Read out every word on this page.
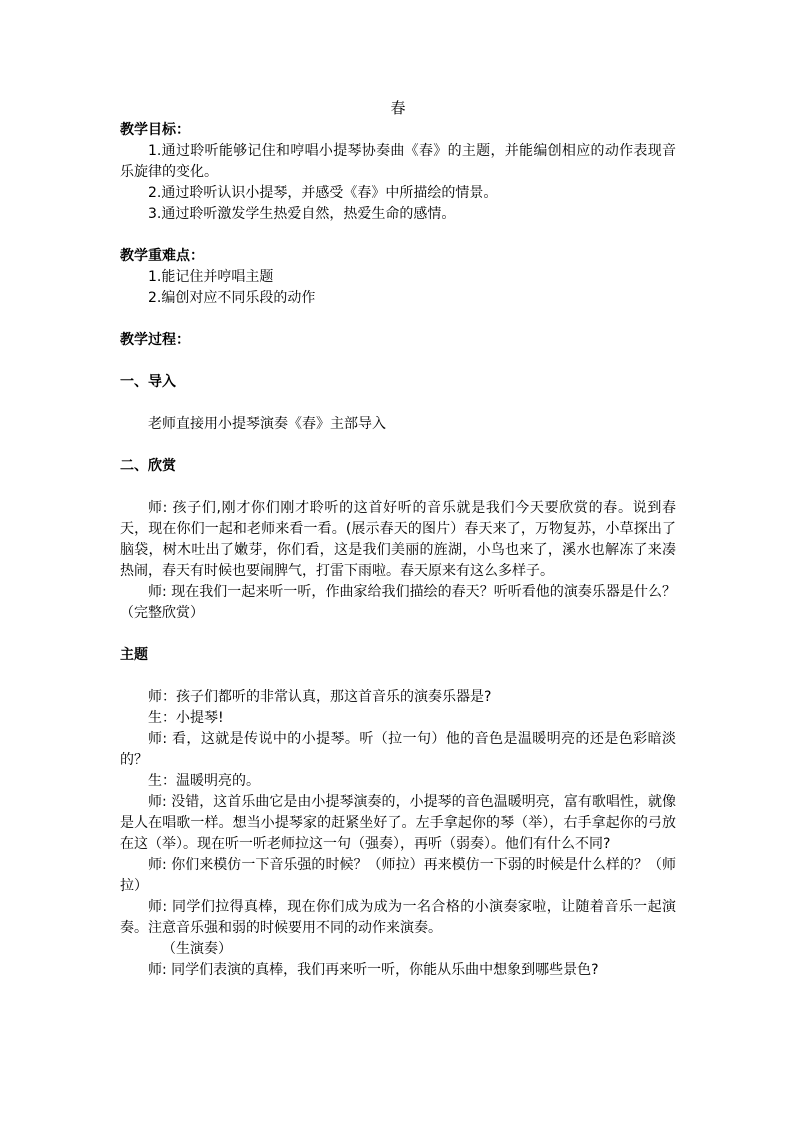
春

教学目标：

1.通过聆听能够记住和哼唱小提琴协奏曲《春》的主题，并能编创相应的动作表现音乐旋律的变化。

2.通过聆听认识小提琴，并感受《春》中所描绘的情景。

3.通过聆听激发学生热爱自然，热爱生命的感情。

教学重难点：

1.能记住并哼唱主题

2.编创对应不同乐段的动作

教学过程：

一、导入

老师直接用小提琴演奏《春》主部导入

二、欣赏

师: 孩子们,刚才你们刚才聆听的这首好听的音乐就是我们今天要欣赏的春。说到春天，现在你们一起和老师来看一看。(展示春天的图片）春天来了，万物复苏，小草探出了脑袋，树木吐出了嫩芽，你们看，这是我们美丽的旌湖，小鸟也来了，溪水也解冻了来凑热闹，春天有时候也要闹脾气，打雷下雨啦。春天原来有这么多样子。

师: 现在我们一起来听一听，作曲家给我们描绘的春天？听听看他的演奏乐器是什么？（完整欣赏）

主题

师：孩子们都听的非常认真，那这首音乐的演奏乐器是?

生：小提琴!

师: 看，这就是传说中的小提琴。听（拉一句）他的音色是温暖明亮的还是色彩暗淡的？

生：温暖明亮的。

师: 没错，这首乐曲它是由小提琴演奏的，小提琴的音色温暖明亮，富有歌唱性，就像是人在唱歌一样。想当小提琴家的赶紧坐好了。左手拿起你的琴（举），右手拿起你的弓放在这（举）。现在听一听老师拉这一句（强奏），再听（弱奏）。他们有什么不同?

师: 你们来模仿一下音乐强的时候？（师拉）再来模仿一下弱的时候是什么样的？（师拉）

师: 同学们拉得真棒，现在你们成为成为一名合格的小演奏家啦，让随着音乐一起演奏。注意音乐强和弱的时候要用不同的动作来演奏。

（生演奏）

师: 同学们表演的真棒，我们再来听一听，你能从乐曲中想象到哪些景色?
